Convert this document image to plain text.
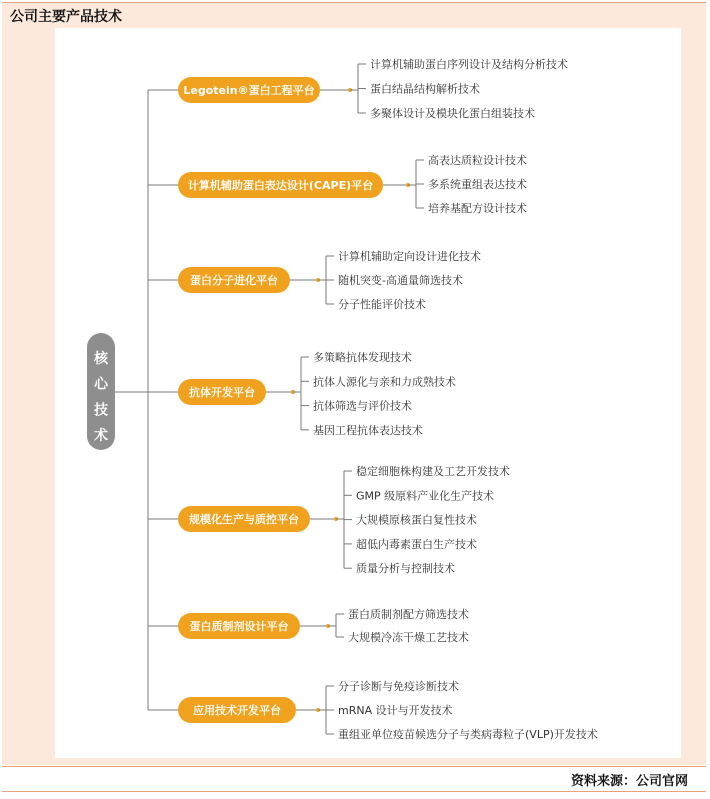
公司主要产品技术
核
心
技
术
Legotein®蛋白工程平台
计算机辅助蛋白序列设计及结构分析技术
蛋白结晶结构解析技术
多聚体设计及模块化蛋白组装技术
计算机辅助蛋白表达设计(CAPE)平台
高表达质粒设计技术
多系统重组表达技术
培养基配方设计技术
蛋白分子进化平台
计算机辅助定向设计进化技术
随机突变-高通量筛选技术
分子性能评价技术
抗体开发平台
多策略抗体发现技术
抗体人源化与亲和力成熟技术
抗体筛选与评价技术
基因工程抗体表达技术
规模化生产与质控平台
稳定细胞株构建及工艺开发技术
GMP 级原料产业化生产技术
大规模原核蛋白复性技术
超低内毒素蛋白生产技术
质量分析与控制技术
蛋白质制剂设计平台
蛋白质制剂配方筛选技术
大规模冷冻干燥工艺技术
应用技术开发平台
分子诊断与免疫诊断技术
mRNA 设计与开发技术
重组亚单位疫苗候选分子与类病毒粒子(VLP)开发技术
资料来源：公司官网
